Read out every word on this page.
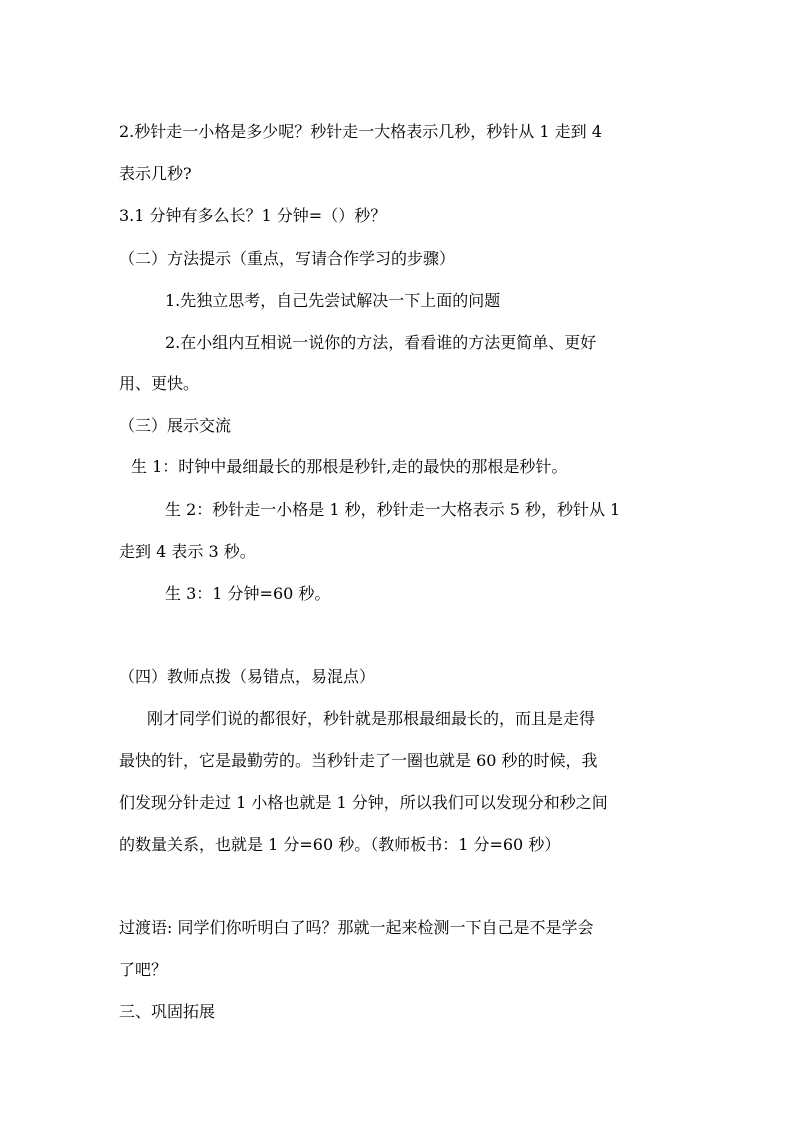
2.秒针走一小格是多少呢？秒针走一大格表示几秒，秒针从 1 走到 4

表示几秒?

3.1 分钟有多么长？1 分钟=（）秒？

（二）方法提示（重点，写请合作学习的步骤）

1.先独立思考，自己先尝试解决一下上面的问题

2.在小组内互相说一说你的方法，看看谁的方法更简单、更好

用、更快。

（三）展示交流

生 1：时钟中最细最长的那根是秒针,走的最快的那根是秒针。

生 2：秒针走一小格是 1 秒，秒针走一大格表示 5 秒，秒针从 1

走到 4 表示 3 秒。

生 3：1 分钟=60 秒。

（四）教师点拨（易错点，易混点）

刚才同学们说的都很好，秒针就是那根最细最长的，而且是走得

最快的针，它是最勤劳的。当秒针走了一圈也就是 60 秒的时候，我

们发现分针走过 1 小格也就是 1 分钟，所以我们可以发现分和秒之间

的数量关系，也就是 1 分=60 秒。（教师板书：1 分=60 秒）

过渡语: 同学们你听明白了吗？那就一起来检测一下自己是不是学会

了吧？

三、巩固拓展
